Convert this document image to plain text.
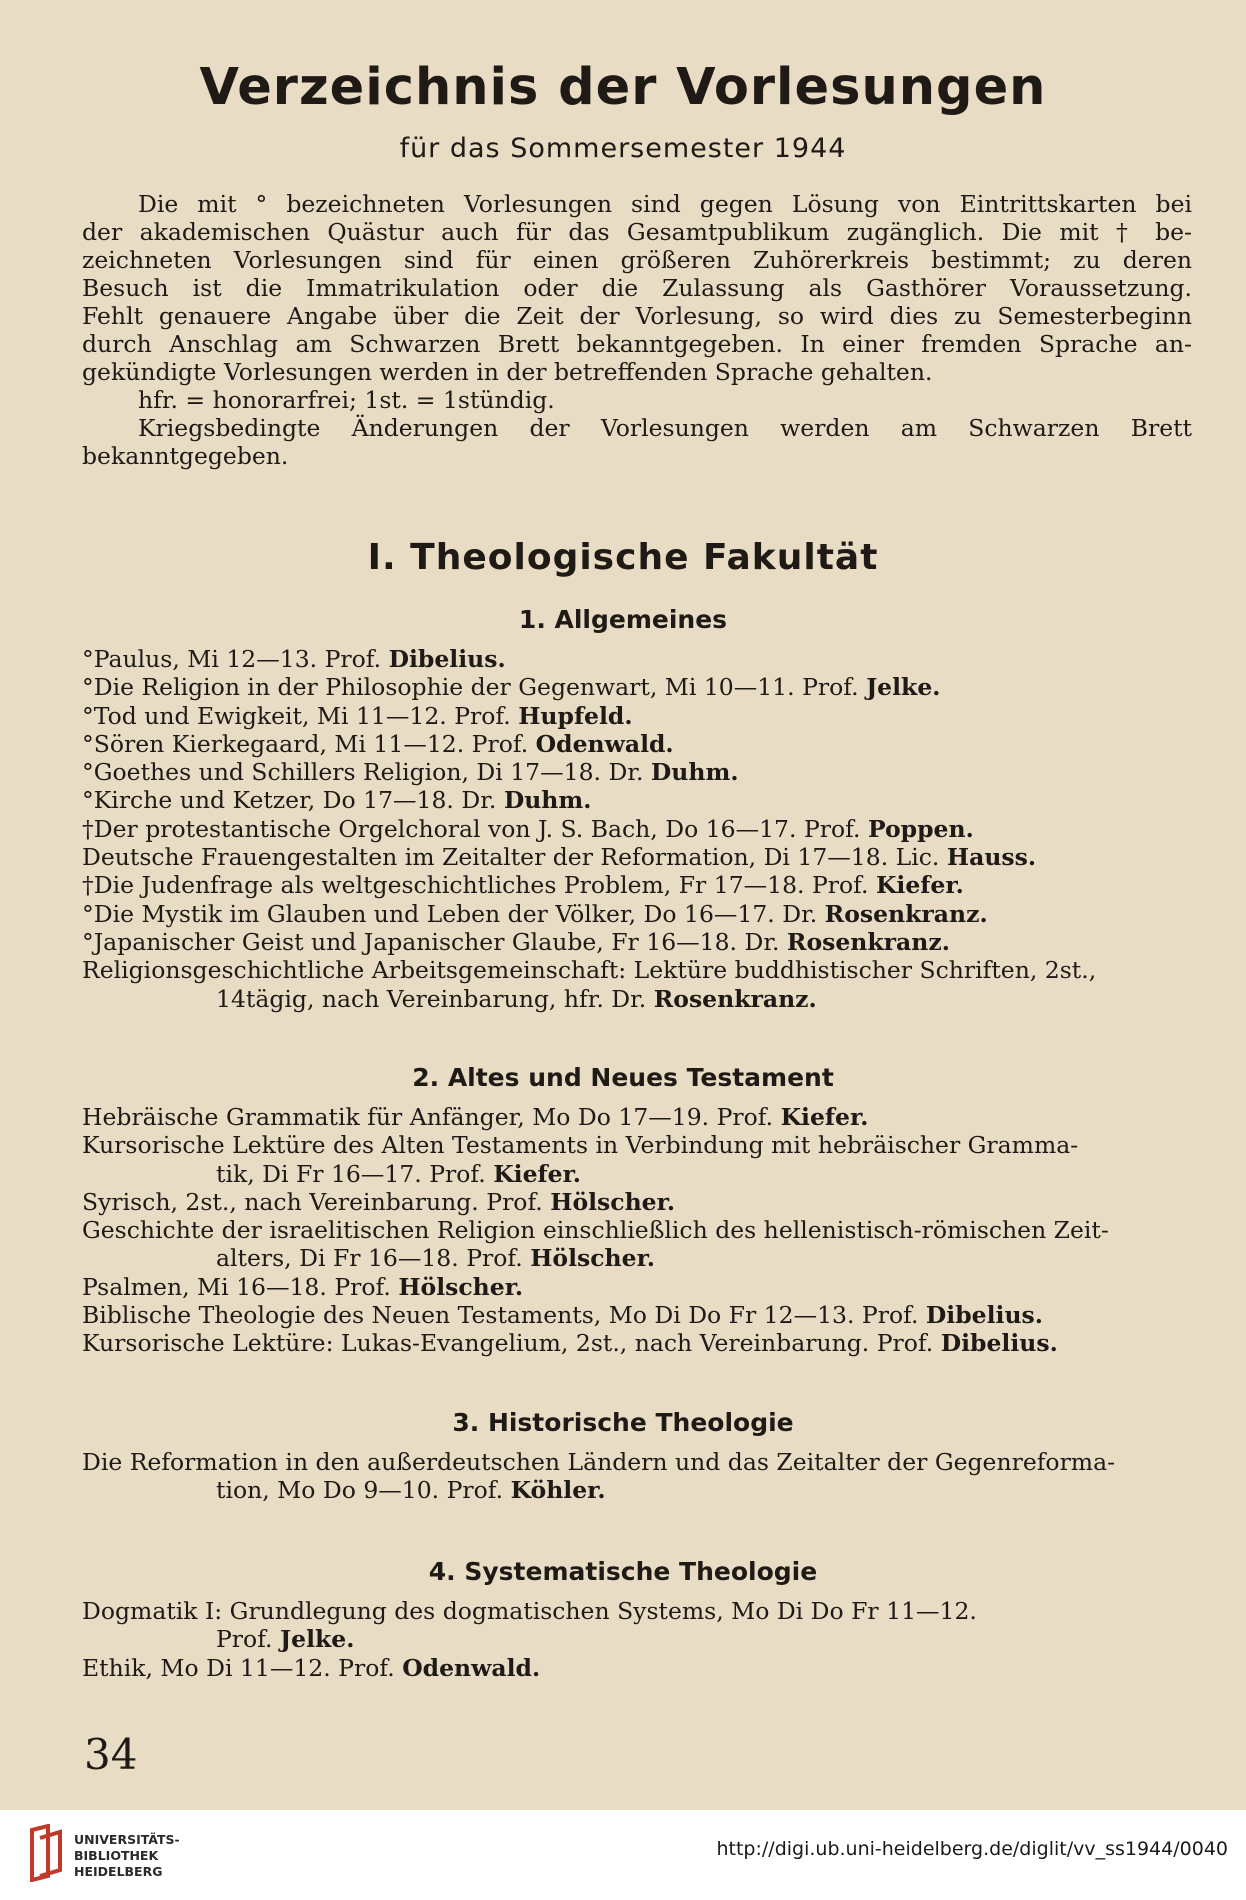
Verzeichnis der Vorlesungen
für das Sommersemester 1944

Die mit ° bezeichneten Vorlesungen sind gegen Lösung von Eintrittskarten bei

der akademischen Quästur auch für das Gesamtpublikum zugänglich. Die mit † be-

zeichneten Vorlesungen sind für einen größeren Zuhörerkreis bestimmt; zu deren

Besuch ist die Immatrikulation oder die Zulassung als Gasthörer Voraussetzung.

Fehlt genauere Angabe über die Zeit der Vorlesung, so wird dies zu Semesterbeginn

durch Anschlag am Schwarzen Brett bekanntgegeben. In einer fremden Sprache an-

gekündigte Vorlesungen werden in der betreffenden Sprache gehalten.

hfr. = honorarfrei; 1st. = 1stündig.

Kriegsbedingte Änderungen der Vorlesungen werden am Schwarzen Brett

bekanntgegeben.

I. Theologische Fakultät
1. Allgemeines

°Paulus, Mi 12—13. Prof. Dibelius.

°Die Religion in der Philosophie der Gegenwart, Mi 10—11. Prof. Jelke.

°Tod und Ewigkeit, Mi 11—12. Prof. Hupfeld.

°Sören Kierkegaard, Mi 11—12. Prof. Odenwald.

°Goethes und Schillers Religion, Di 17—18. Dr. Duhm.

°Kirche und Ketzer, Do 17—18. Dr. Duhm.

†Der protestantische Orgelchoral von J. S. Bach, Do 16—17. Prof. Poppen.

Deutsche Frauengestalten im Zeitalter der Reformation, Di 17—18. Lic. Hauss.

†Die Judenfrage als weltgeschichtliches Problem, Fr 17—18. Prof. Kiefer.

°Die Mystik im Glauben und Leben der Völker, Do 16—17. Dr. Rosenkranz.

°Japanischer Geist und Japanischer Glaube, Fr 16—18. Dr. Rosenkranz.

Religionsgeschichtliche Arbeitsgemeinschaft: Lektüre buddhistischer Schriften, 2st.,

14tägig, nach Vereinbarung, hfr. Dr. Rosenkranz.

2. Altes und Neues Testament

Hebräische Grammatik für Anfänger, Mo Do 17—19. Prof. Kiefer.

Kursorische Lektüre des Alten Testaments in Verbindung mit hebräischer Gramma-

tik, Di Fr 16—17. Prof. Kiefer.

Syrisch, 2st., nach Vereinbarung. Prof. Hölscher.

Geschichte der israelitischen Religion einschließlich des hellenistisch-römischen Zeit-

alters, Di Fr 16—18. Prof. Hölscher.

Psalmen, Mi 16—18. Prof. Hölscher.

Biblische Theologie des Neuen Testaments, Mo Di Do Fr 12—13. Prof. Dibelius.

Kursorische Lektüre: Lukas-Evangelium, 2st., nach Vereinbarung. Prof. Dibelius.

3. Historische Theologie

Die Reformation in den außerdeutschen Ländern und das Zeitalter der Gegenreforma-

tion, Mo Do 9—10. Prof. Köhler.

4. Systematische Theologie

Dogmatik I: Grundlegung des dogmatischen Systems, Mo Di Do Fr 11—12.

Prof. Jelke.

Ethik, Mo Di 11—12. Prof. Odenwald.

34
UNIVERSITÄTS-
BIBLIOTHEK
HEIDELBERG
http://digi.ub.uni-heidelberg.de/diglit/vv_ss1944/0040
